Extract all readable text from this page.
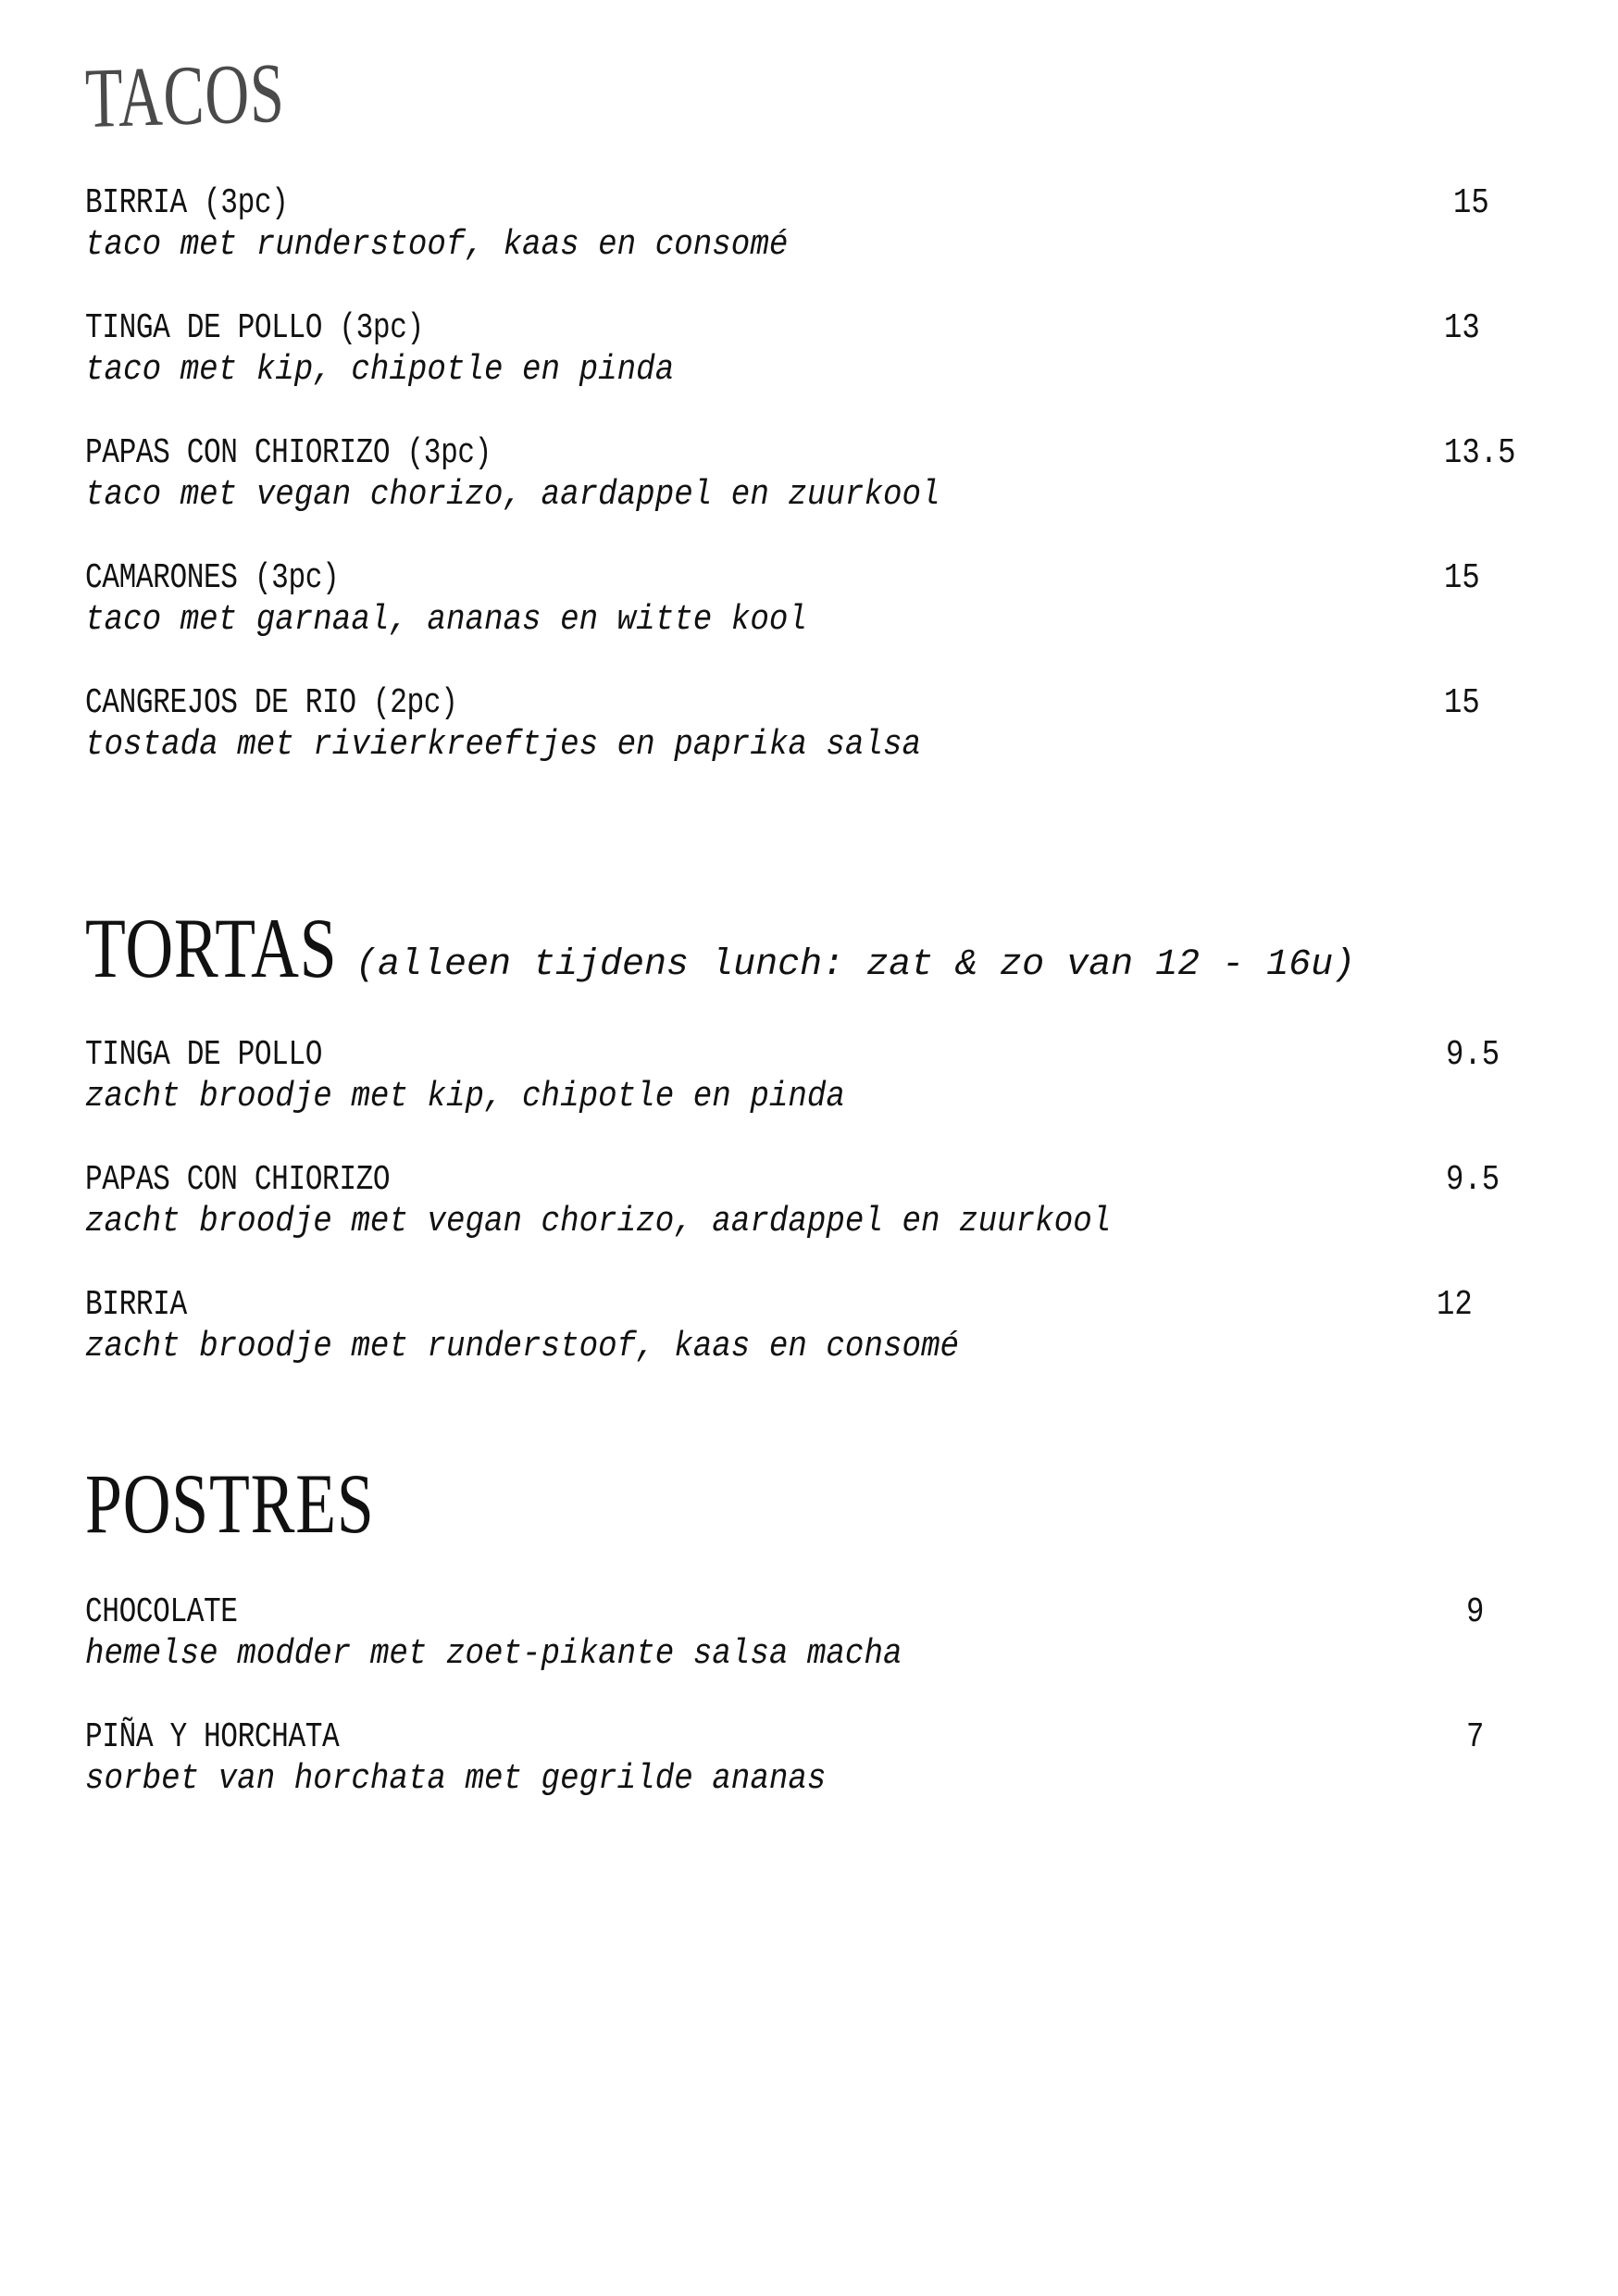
TACOS
BIRRIA (3pc)
taco met runderstoof, kaas en consomé
15
TINGA DE POLLO (3pc)
taco met kip, chipotle en pinda
13
PAPAS CON CHIORIZO (3pc)
taco met vegan chorizo, aardappel en zuurkool
13.5
CAMARONES (3pc)
taco met garnaal, ananas en witte kool
15
CANGREJOS DE RIO (2pc)
tostada met rivierkreeftjes en paprika salsa
15
TORTAS (alleen tijdens lunch: zat & zo van 12 - 16u)
TINGA DE POLLO
zacht broodje met kip, chipotle en pinda
9.5
PAPAS CON CHIORIZO
zacht broodje met vegan chorizo, aardappel en zuurkool
9.5
BIRRIA
zacht broodje met runderstoof, kaas en consomé
12
POSTRES
CHOCOLATE
hemelse modder met zoet-pikante salsa macha
9
PIÑA Y HORCHATA
sorbet van horchata met gegrilde ananas
7
